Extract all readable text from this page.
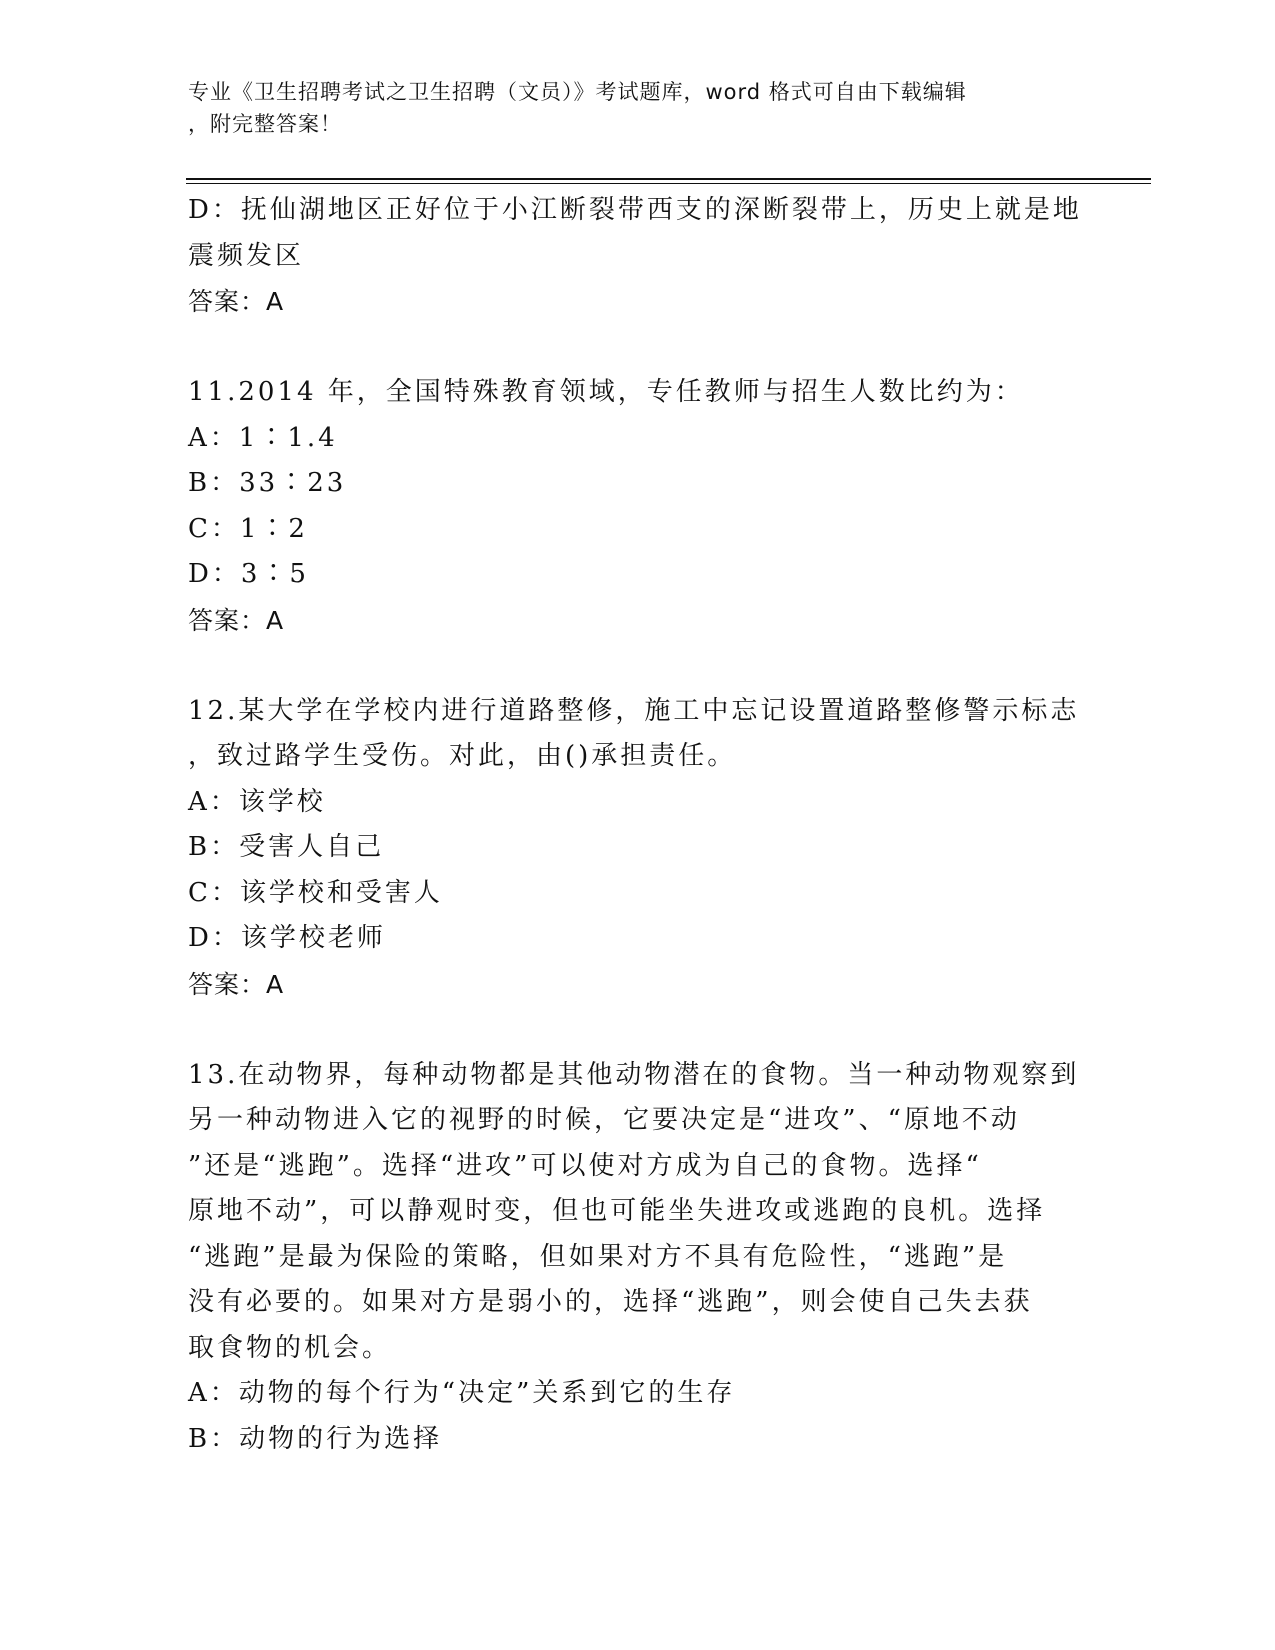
专业《卫生招聘考试之卫生招聘（文员）》考试题库，word 格式可自由下载编辑
，附完整答案！
D：抚仙湖地区正好位于小江断裂带西支的深断裂带上，历史上就是地
震频发区
答案：A
11.2014 年，全国特殊教育领域，专任教师与招生人数比约为：
A：1∶1.4
B：33∶23
C：1∶2
D：3∶5
答案：A
12.某大学在学校内进行道路整修，施工中忘记设置道路整修警示标志
，致过路学生受伤。对此，由()承担责任。
A：该学校
B：受害人自己
C：该学校和受害人
D：该学校老师
答案：A
13.在动物界，每种动物都是其他动物潜在的食物。当一种动物观察到
另一种动物进入它的视野的时候，它要决定是“进攻”、“原地不动
”还是“逃跑”。选择“进攻”可以使对方成为自己的食物。选择“
原地不动”，可以静观时变，但也可能坐失进攻或逃跑的良机。选择
“逃跑”是最为保险的策略，但如果对方不具有危险性，“逃跑”是
没有必要的。如果对方是弱小的，选择“逃跑”，则会使自己失去获
取食物的机会。
A：动物的每个行为“决定”关系到它的生存
B：动物的行为选择
